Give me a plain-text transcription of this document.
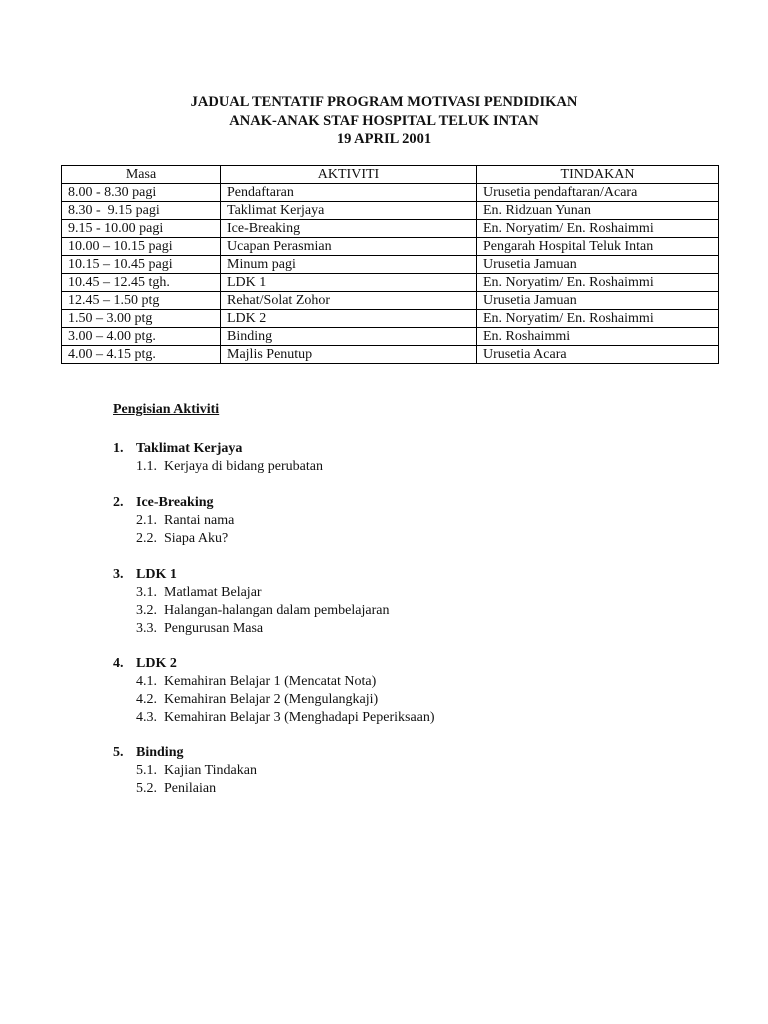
JADUAL TENTATIF PROGRAM MOTIVASI PENDIDIKAN
ANAK-ANAK STAF HOSPITAL TELUK INTAN
19 APRIL 2001
Masa	AKTIVITI	TINDAKAN
8.00 - 8.30 pagi	Pendaftaran	Urusetia pendaftaran/Acara
8.30 -  9.15 pagi	Taklimat Kerjaya	En. Ridzuan Yunan
9.15 - 10.00 pagi	Ice-Breaking	En. Noryatim/ En. Roshaimmi
10.00 – 10.15 pagi	Ucapan Perasmian	Pengarah Hospital Teluk Intan
10.15 – 10.45 pagi	Minum pagi	Urusetia Jamuan
10.45 – 12.45 tgh.	LDK 1	En. Noryatim/ En. Roshaimmi
12.45 – 1.50 ptg	Rehat/Solat Zohor	Urusetia Jamuan
1.50 – 3.00 ptg	LDK 2	En. Noryatim/ En. Roshaimmi
3.00 – 4.00 ptg.	Binding	En. Roshaimmi
4.00 – 4.15 ptg.	Majlis Penutup	Urusetia Acara
Pengisian Aktiviti
1. Taklimat Kerjaya
1.1. Kerjaya di bidang perubatan
2. Ice-Breaking
2.1. Rantai nama
2.2. Siapa Aku?
3. LDK 1
3.1. Matlamat Belajar
3.2. Halangan-halangan dalam pembelajaran
3.3. Pengurusan Masa
4. LDK 2
4.1. Kemahiran Belajar 1 (Mencatat Nota)
4.2. Kemahiran Belajar 2 (Mengulangkaji)
4.3. Kemahiran Belajar 3 (Menghadapi Peperiksaan)
5. Binding
5.1. Kajian Tindakan
5.2. Penilaian
